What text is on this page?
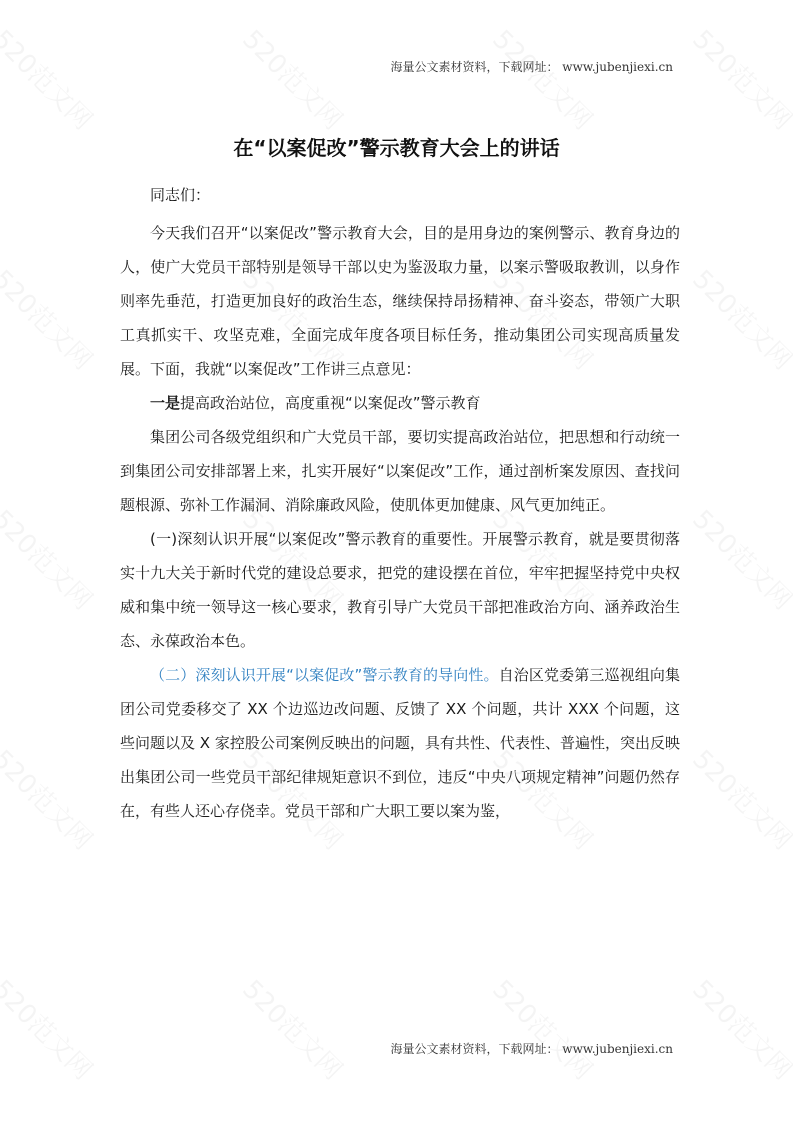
海量公文素材资料，下载网址： www.jubenjiexi.cn
在“以案促改”警示教育大会上的讲话

同志们：

今天我们召开“以案促改”警示教育大会，目的是用身边的案例警示、教育身边的人，使广大党员干部特别是领导干部以史为鉴汲取力量，以案示警吸取教训，以身作则率先垂范，打造更加良好的政治生态，继续保持昂扬精神、奋斗姿态，带领广大职工真抓实干、攻坚克难，全面完成年度各项目标任务，推动集团公司实现高质量发展。下面，我就“以案促改”工作讲三点意见：

一是提高政治站位，高度重视“以案促改”警示教育

集团公司各级党组织和广大党员干部，要切实提高政治站位，把思想和行动统一到集团公司安排部署上来，扎实开展好“以案促改”工作，通过剖析案发原因、查找问题根源、弥补工作漏洞、消除廉政风险，使肌体更加健康、风气更加纯正。

(一)深刻认识开展“以案促改”警示教育的重要性。开展警示教育，就是要贯彻落实十九大关于新时代党的建设总要求，把党的建设摆在首位，牢牢把握坚持党中央权威和集中统一领导这一核心要求，教育引导广大党员干部把准政治方向、涵养政治生态、永葆政治本色。

（二）深刻认识开展“以案促改”警示教育的导向性。自治区党委第三巡视组向集团公司党委移交了 XX 个边巡边改问题、反馈了 XX 个问题，共计 XXX 个问题，这些问题以及 X 家控股公司案例反映出的问题，具有共性、代表性、普遍性，突出反映出集团公司一些党员干部纪律规矩意识不到位，违反“中央八项规定精神”问题仍然存在，有些人还心存侥幸。党员干部和广大职工要以案为鉴，

海量公文素材资料，下载网址： www.jubenjiexi.cn
